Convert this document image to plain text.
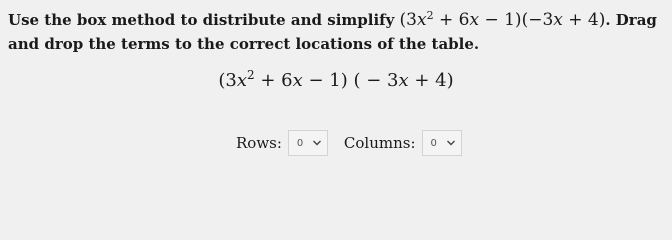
Use the box method to distribute and simplify $(3x^2 + 6x - 1)(-3x + 4)$. Drag and drop the terms to the correct locations of the table.
$(3x^2 + 6x - 1)$ ( − 3x + 4)
Rows: 0	Columns: 0
